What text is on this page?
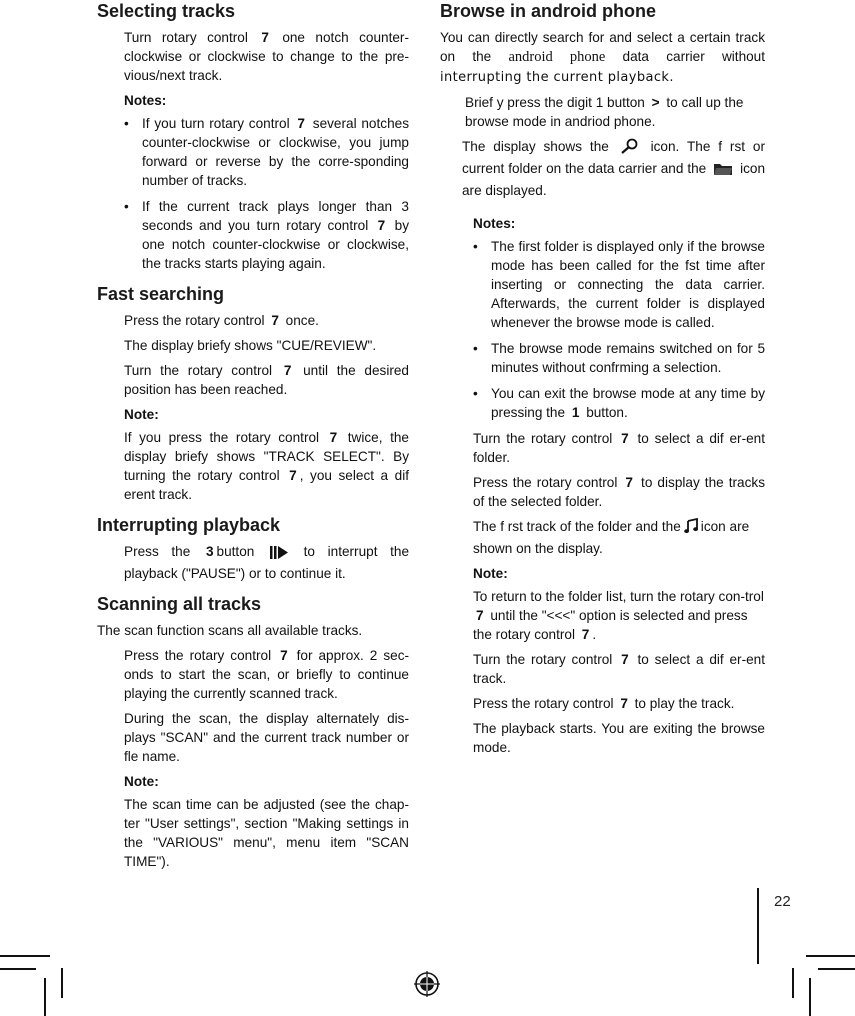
Selecting tracks

Turn rotary control 7 one notch counter-clockwise or clockwise to change to the pre-vious/next track.

Notes:

• If you turn rotary control 7 several notches counter-clockwise or clockwise, you jump forward or reverse by the corre-sponding number of tracks.
• If the current track plays longer than 3 seconds and you turn rotary control 7 by one notch counter-clockwise or clockwise, the tracks starts playing again.
Fast searching

Press the rotary control 7 once.

The display briefy shows "CUE/REVIEW".

Turn the rotary control 7 until the desired position has been reached.

Note:

If you press the rotary control 7 twice, the display briefy shows "TRACK SELECT". By turning the rotary control 7 , you select a dif erent track.

Interrupting playback

Press the 3 button	to interrupt the playback ("PAUSE") or to continue it.

Scanning all tracks

The scan function scans all available tracks.

Press the rotary control 7 for approx. 2 sec-onds to start the scan, or briefly to continue playing the currently scanned track.

During the scan, the display alternately dis-plays "SCAN" and the current track number or fle name.

Note:

The scan time can be adjusted (see the chap-ter "User settings", section "Making settings in the "VARIOUS" menu", menu item "SCAN TIME").

Browse in android phone

You can directly search for and select a certain track on the android phone data carrier without interrupting the current playback.

Brief y press the digit 1 button > to call up the browse mode in andriod phone.

The display shows the	icon. The f rst or current folder on the data carrier and the icon are displayed.

Notes:

• The first folder is displayed only if the browse mode has been called for the fst time after inserting or connecting the data carrier. Afterwards, the current folder is displayed whenever the browse mode is called.
• The browse mode remains switched on for 5 minutes without confrming a selection.
• You can exit the browse mode at any time by pressing the 1 button.

Turn the rotary control 7 to select a dif er-ent folder.

Press the rotary control 7 to display the tracks of the selected folder.

The f rst track of the folder and the icon are shown on the display.

Note:

To return to the folder list, turn the rotary con-trol7 until the "<<<" option is selected and press the rotary control 7 .

Turn the rotary control 7 to select a dif er-ent track.

Press the rotary control 7 to play the track.

The playback starts. You are exiting the browse mode.

22
